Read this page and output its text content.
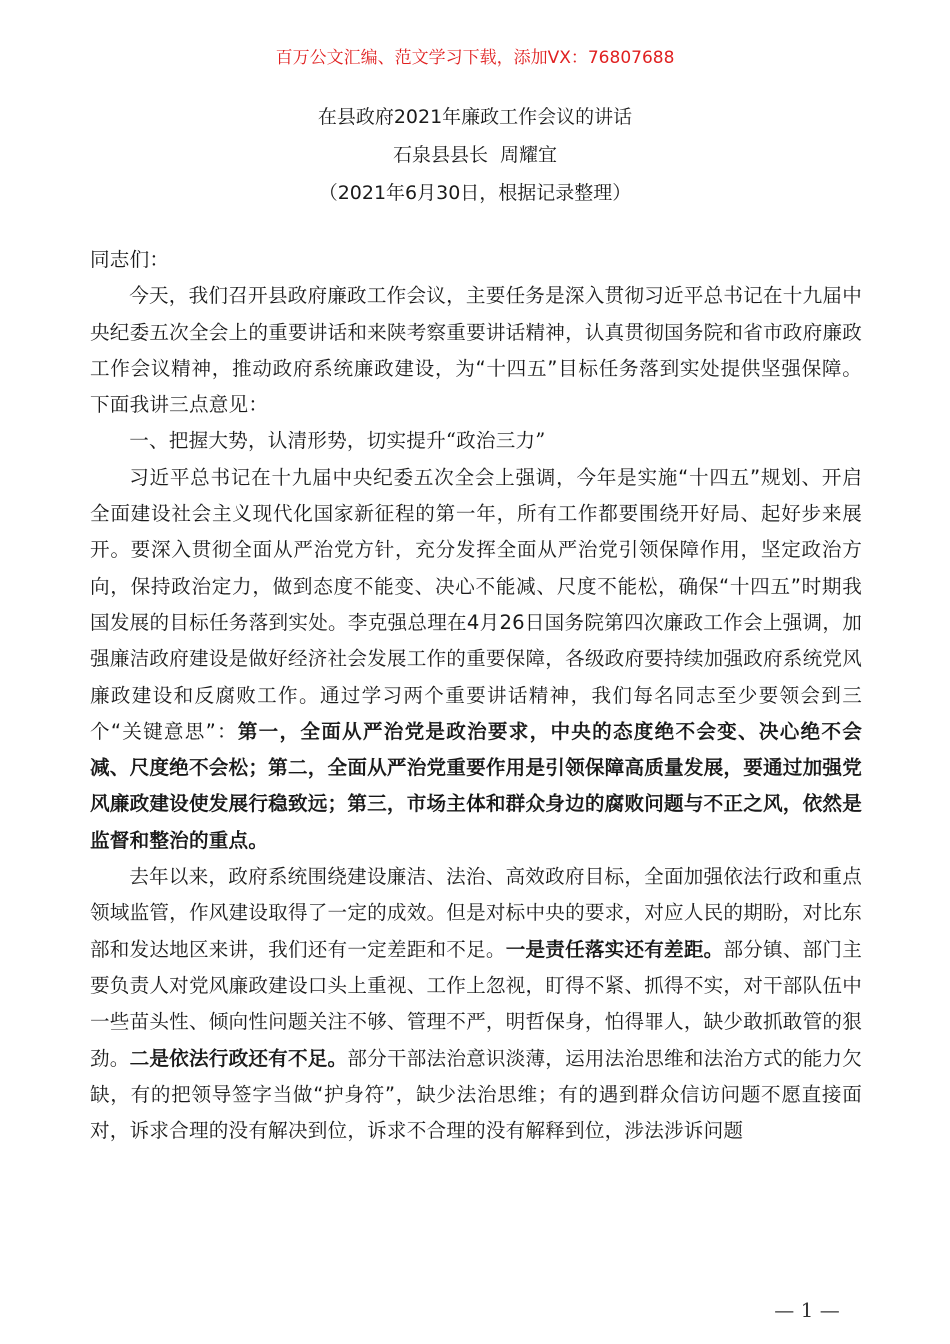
百万公文汇编、范文学习下载，添加VX：76807688
在县政府2021年廉政工作会议的讲话
石泉县县长  周耀宜
（2021年6月30日，根据记录整理）

同志们：

今天，我们召开县政府廉政工作会议，主要任务是深入贯彻习近平总书记在十九届中央纪委五次全会上的重要讲话和来陕考察重要讲话精神，认真贯彻国务院和省市政府廉政工作会议精神，推动政府系统廉政建设，为“十四五”目标任务落到实处提供坚强保障。下面我讲三点意见：

一、把握大势，认清形势，切实提升“政治三力”

习近平总书记在十九届中央纪委五次全会上强调，今年是实施“十四五”规划、开启全面建设社会主义现代化国家新征程的第一年，所有工作都要围绕开好局、起好步来展开。要深入贯彻全面从严治党方针，充分发挥全面从严治党引领保障作用，坚定政治方向，保持政治定力，做到态度不能变、决心不能减、尺度不能松，确保“十四五”时期我国发展的目标任务落到实处。李克强总理在4月26日国务院第四次廉政工作会上强调，加强廉洁政府建设是做好经济社会发展工作的重要保障，各级政府要持续加强政府系统党风廉政建设和反腐败工作。通过学习两个重要讲话精神，我们每名同志至少要领会到三个“关键意思”：第一，全面从严治党是政治要求，中央的态度绝不会变、决心绝不会减、尺度绝不会松；第二，全面从严治党重要作用是引领保障高质量发展，要通过加强党风廉政建设使发展行稳致远；第三，市场主体和群众身边的腐败问题与不正之风，依然是监督和整治的重点。

去年以来，政府系统围绕建设廉洁、法治、高效政府目标，全面加强依法行政和重点领域监管，作风建设取得了一定的成效。但是对标中央的要求，对应人民的期盼，对比东部和发达地区来讲，我们还有一定差距和不足。一是责任落实还有差距。部分镇、部门主要负责人对党风廉政建设口头上重视、工作上忽视，盯得不紧、抓得不实，对干部队伍中一些苗头性、倾向性问题关注不够、管理不严，明哲保身，怕得罪人，缺少敢抓敢管的狠劲。二是依法行政还有不足。部分干部法治意识淡薄，运用法治思维和法治方式的能力欠缺，有的把领导签字当做“护身符”，缺少法治思维；有的遇到群众信访问题不愿直接面对，诉求合理的没有解决到位，诉求不合理的没有解释到位，涉法涉诉问题

— 1 —
